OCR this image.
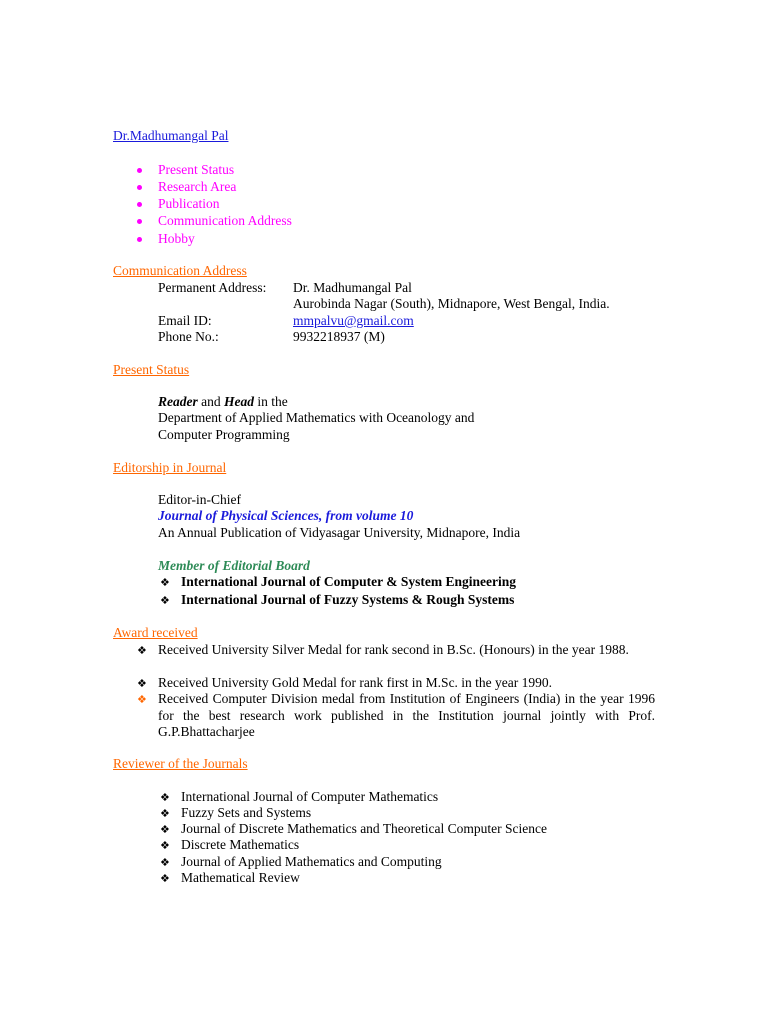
Dr.Madhumangal Pal
Present Status
Research Area
Publication
Communication Address
Hobby
Communication Address
Permanent Address: Dr. Madhumangal Pal
Aurobinda Nagar (South), Midnapore, West Bengal, India.
Email ID:	mmpalvu@gmail.com
Phone No.:	9932218937 (M)
Present Status
Reader and Head in the
Department of Applied Mathematics with Oceanology and
Computer Programming
Editorship in Journal
Editor-in-Chief
Journal of Physical Sciences, from volume 10
An Annual Publication of Vidyasagar University, Midnapore, India
Member of Editorial Board
❖ International Journal of Computer & System Engineering
❖ International Journal of Fuzzy Systems & Rough Systems
Award received
❖ Received University Silver Medal for rank second in B.Sc. (Honours) in the year 1988.
❖ Received University Gold Medal for rank first in M.Sc. in the year 1990.
❖ Received Computer Division medal from Institution of Engineers (India) in the year 1996 for the best research work published in the Institution journal jointly with Prof. G.P.Bhattacharjee
Reviewer of the Journals
❖ International Journal of Computer Mathematics
❖ Fuzzy Sets and Systems
❖ Journal of Discrete Mathematics and Theoretical Computer Science
❖ Discrete Mathematics
❖ Journal of Applied Mathematics and Computing
❖ Mathematical Review
